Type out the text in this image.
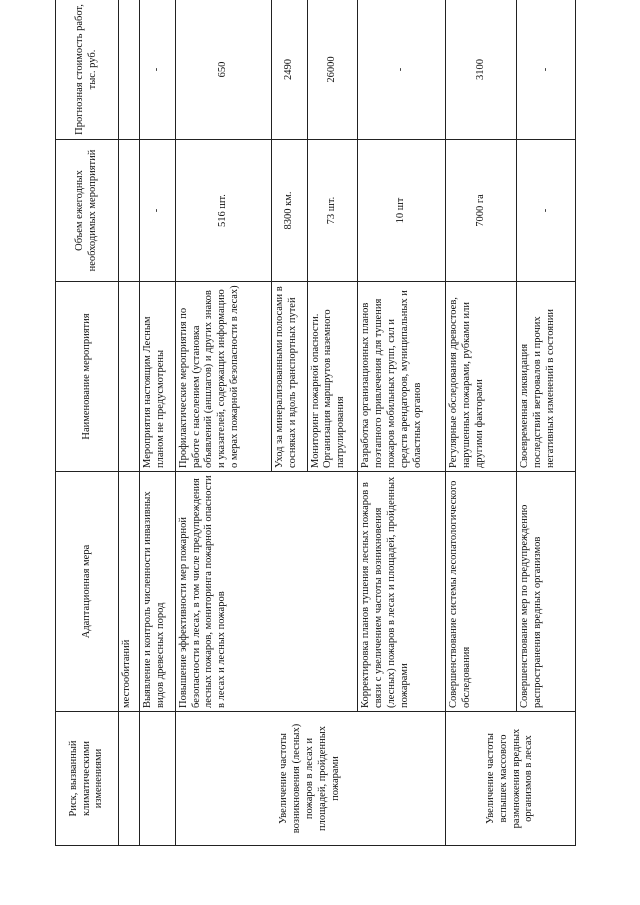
Риск, вызванный климатическими изменениями	Адаптационная мера	Наименование мероприятия	Объем ежегодных необходимых мероприятий	Прогнозная стоимость работ, тыс. руб.
	местообитаний			
	Выявление и контроль численности инвазивных видов древесных пород	Мероприятия настоящим Лесным планом не предусмотрены	-	-
Увеличение частоты возникновения (лесных) пожаров в лесах и площадей, пройденных пожарами	Повышение эффективности мер пожарной безопасности в лесах, в том числе предупреждения лесных пожаров, мониторинга пожарной опасности в лесах и лесных пожаров	Профилактические мероприятия по работе с населением (установка объявлений (аншлагов) и других знаков и указателей, содержащих информацию о мерах пожарной безопасности в лесах)	516 шт.	650
		Уход за минерализованными полосами в сосняках и вдоль транспортных путей	8300 км.	2490
		Мониторинг пожарной опасности. Организация маршрутов наземного патрулирования	73 шт.	26000
	Корректировка планов тушения лесных пожаров в связи с увеличением частоты возникновения (лесных) пожаров в лесах и площадей, пройденных пожарами	Разработка организационных планов поэтапного привлечения для тушения пожаров мобильных групп, сил и средств арендаторов, муниципальных и областных органов	10 шт	-
Увеличение частоты вспышек массового размножения вредных организмов в лесах	Совершенствование системы лесопатологического обследования	Регулярные обследования древостоев, нарушенных пожарами, рубками или другими факторами	7000 га	3100
	Совершенствование мер по предупреждению распространения вредных организмов	Своевременная ликвидация последствий ветровалов и прочих негативных изменений в состоянии	-	-
